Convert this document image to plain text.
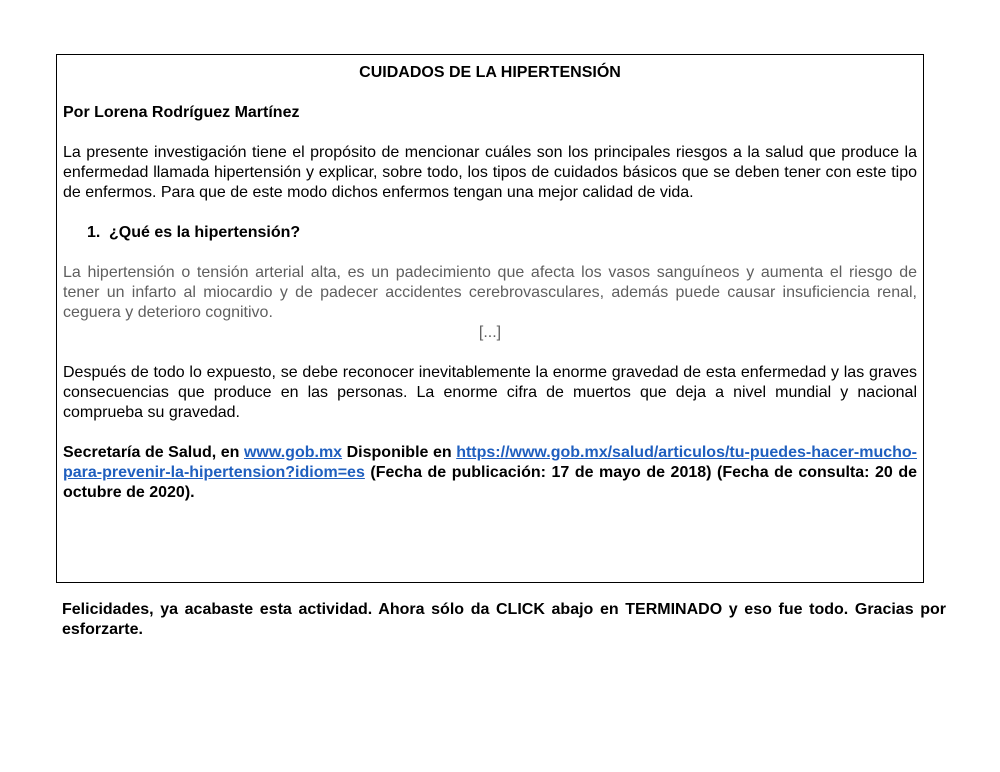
CUIDADOS DE LA HIPERTENSIÓN

Por Lorena Rodríguez Martínez

La presente investigación tiene el propósito de mencionar cuáles son los principales riesgos a la salud que produce la enfermedad llamada hipertensión y explicar, sobre todo, los tipos de cuidados básicos que se deben tener con este tipo de enfermos. Para que de este modo dichos enfermos tengan una mejor calidad de vida.

1. ¿Qué es la hipertensión?

La hipertensión o tensión arterial alta, es un padecimiento que afecta los vasos sanguíneos y aumenta el riesgo de tener un infarto al miocardio y de padecer accidentes cerebrovasculares, además puede causar insuficiencia renal, ceguera y deterioro cognitivo.

[...]

Después de todo lo expuesto, se debe reconocer inevitablemente la enorme gravedad de esta enfermedad y las graves consecuencias que produce en las personas. La enorme cifra de muertos que deja a nivel mundial y nacional comprueba su gravedad.

Secretaría de Salud, en www.gob.mx Disponible en https://www.gob.mx/salud/articulos/tu-puedes-hacer-mucho-para-prevenir-la-hipertension?idiom=es (Fecha de publicación: 17 de mayo de 2018) (Fecha de consulta: 20 de octubre de 2020).

Felicidades, ya acabaste esta actividad. Ahora sólo da CLICK abajo en TERMINADO y eso fue todo. Gracias por esforzarte.
